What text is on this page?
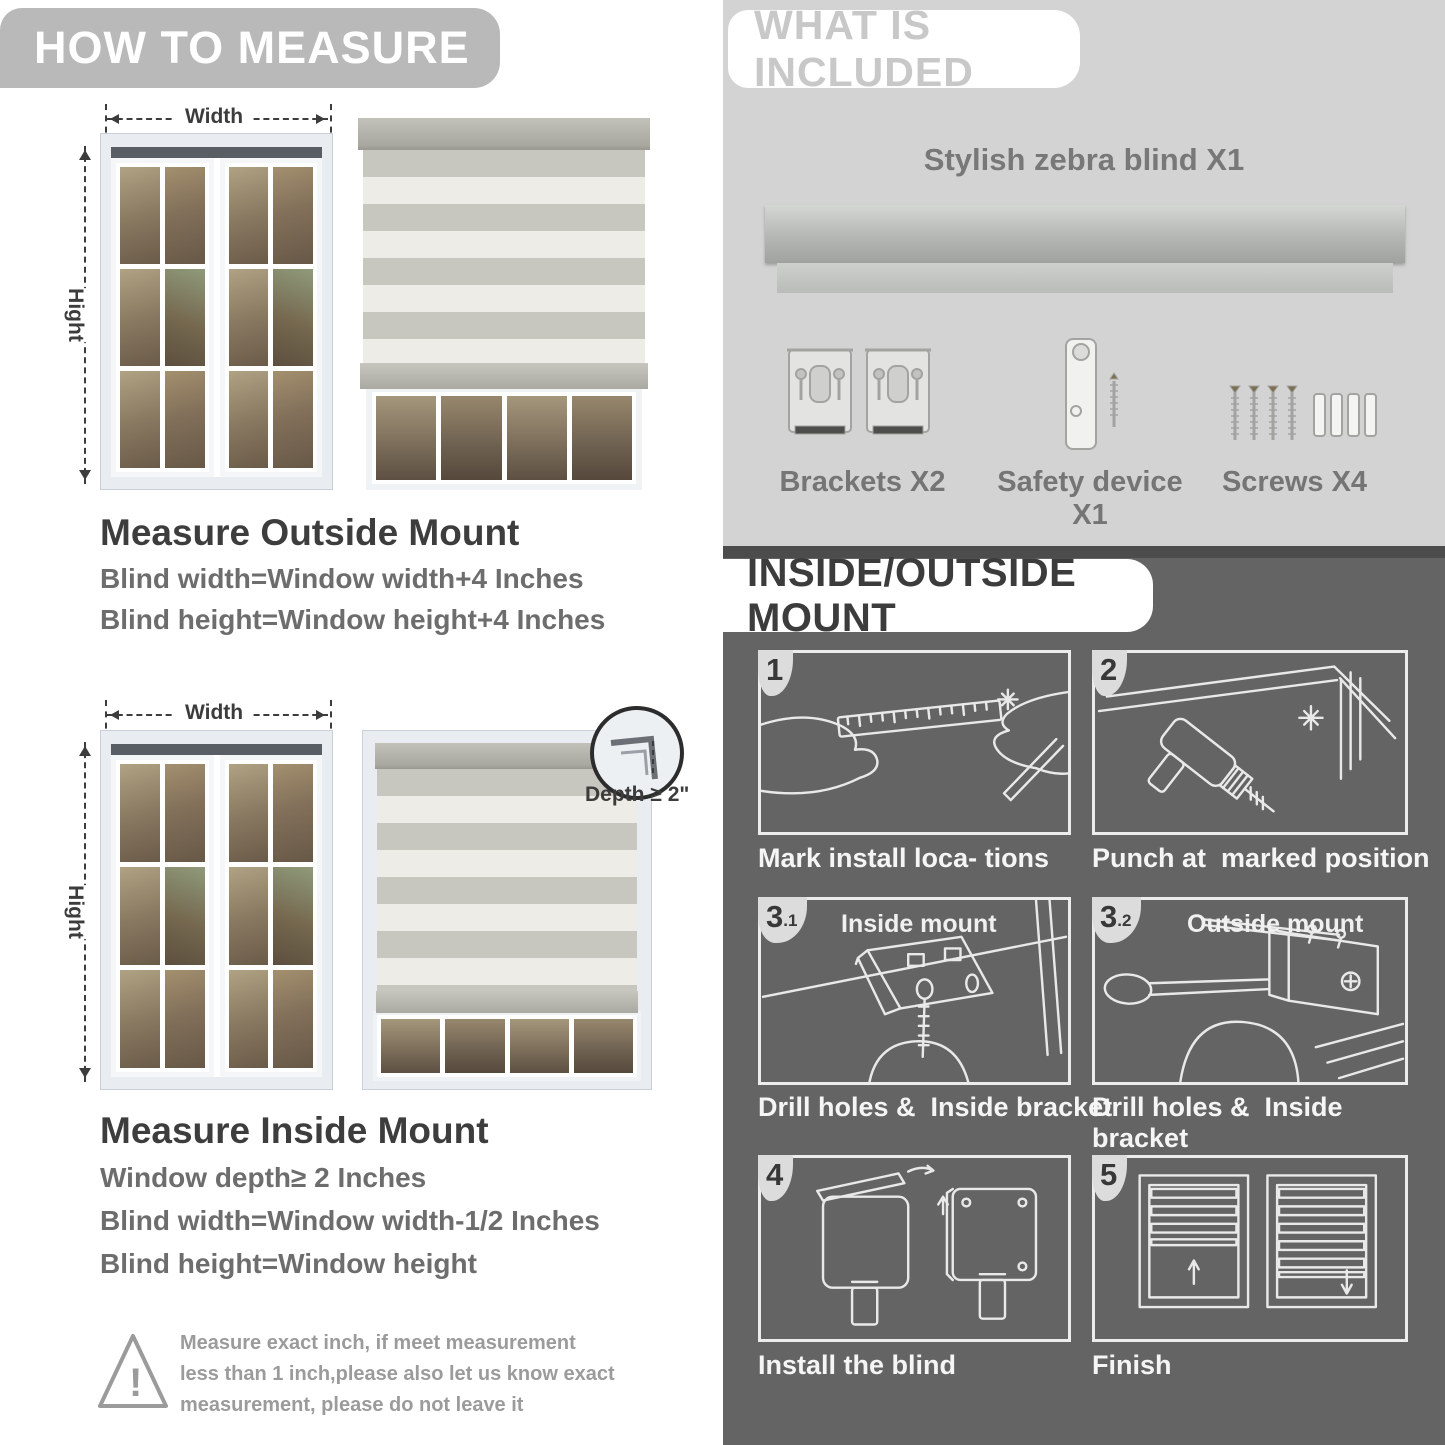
HOW TO MEASURE
Width
Hight
Measure Outside Mount
Blind width=Window width+4 Inches
Blind height=Window height+4 Inches
Width
Hight
Depth ≥ 2"
Measure Inside Mount
Window depth≥ 2 Inches
Blind width=Window width-1/2 Inches
Blind height=Window height
!
Measure exact inch, if meet measurement less than 1 inch,please also let us know exact measurement, please do not leave it
WHAT IS INCLUDED
Stylish zebra blind X1
Brackets X2	Safety device X1
Screws X4
INSIDE/OUTSIDE MOUNT
1
Mark install loca- tions
2
Punch at  marked position
3 .1 Inside mount
Drill holes &  Inside bracket
3 .2 Outside mount
Drill holes &  Inside bracket
4
Install the blind
5
Finish
